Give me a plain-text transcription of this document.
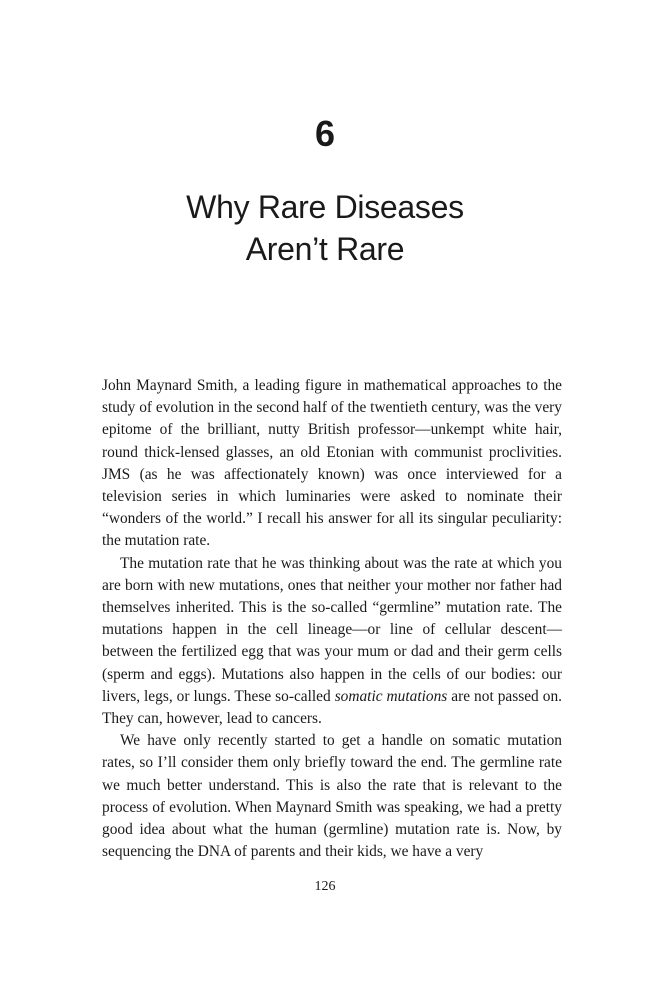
6
Why Rare Diseases
Aren’t Rare

John Maynard Smith, a leading figure in mathematical approaches to the study of evolution in the second half of the twentieth century, was the very epitome of the brilliant, nutty British professor—unkempt white hair, round thick-lensed glasses, an old Etonian with communist proclivities. JMS (as he was affectionately known) was once interviewed for a television series in which luminaries were asked to nominate their “wonders of the world.” I recall his answer for all its singular peculiarity: the mutation rate.

The mutation rate that he was thinking about was the rate at which you are born with new mutations, ones that neither your mother nor father had themselves inherited. This is the so-called “germline” mutation rate. The mutations happen in the cell lineage—or line of cellular descent—between the fertilized egg that was your mum or dad and their germ cells (sperm and eggs). Mutations also happen in the cells of our bodies: our livers, legs, or lungs. These so-called somatic mutations are not passed on. They can, however, lead to cancers.

We have only recently started to get a handle on somatic mutation rates, so I’ll consider them only briefly toward the end. The germline rate we much better understand. This is also the rate that is relevant to the process of evolution. When Maynard Smith was speaking, we had a pretty good idea about what the human (germline) mutation rate is. Now, by sequencing the DNA of parents and their kids, we have a very

126
